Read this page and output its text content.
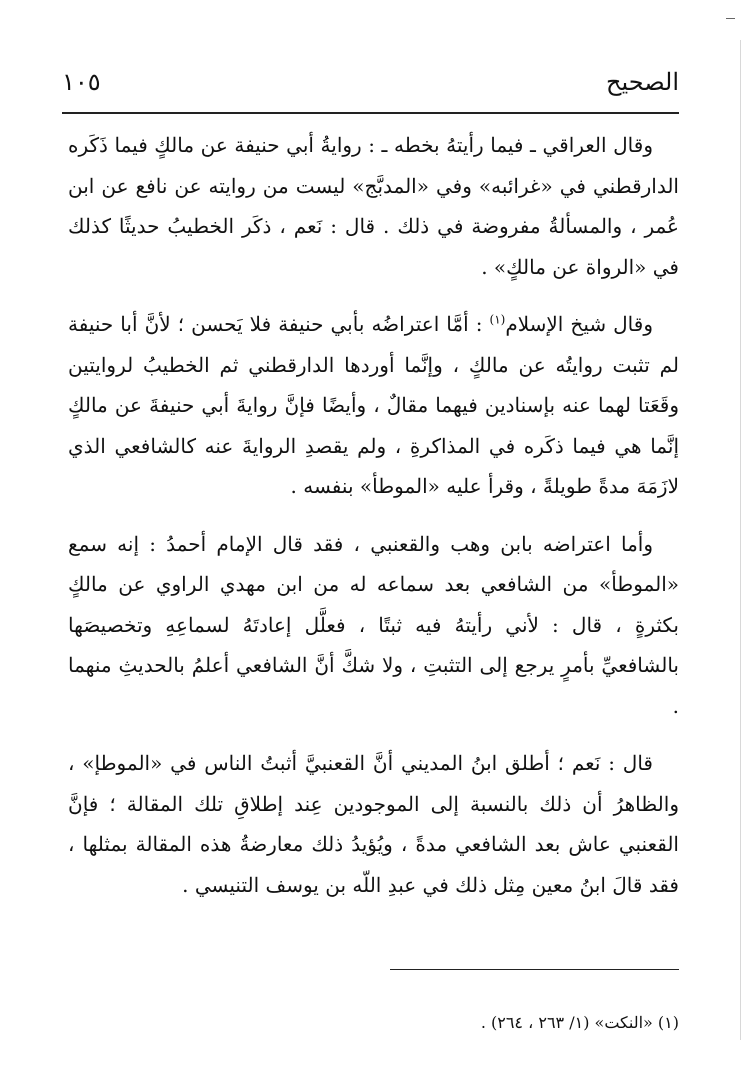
الصحيح
١٠٥

وقال العراقي ـ فيما رأيتهُ بخطه ـ : روايةُ أبي حنيفة عن مالكٍ فيما ذَكَره الدارقطني في «غرائبه» وفي «المدبَّج» ليست من روايته عن نافع عن ابن عُمر ، والمسألةُ مفروضة في ذلك . قال : نَعم ، ذكَر الخطيبُ حديثًا كذلك في «الرواة عن مالكٍ» .

وقال شيخ الإسلام$^{(١)}$ : أمَّا اعتراضُه بأبي حنيفة فلا يَحسن ؛ لأنَّ أبا حنيفة لم تثبت روايتُه عن مالكٍ ، وإنَّما أوردها الدارقطني ثم الخطيبُ لروايتين وقَعَتا لهما عنه بإسنادين فيهما مقالٌ ، وأيضًا فإنَّ روايةَ أبي حنيفةَ عن مالكٍ إنَّما هي فيما ذكَره في المذاكرةِ ، ولم يقصدِ الروايةَ عنه كالشافعي الذي لازَمَهَ مدةً طويلةً ، وقرأ عليه «الموطأ» بنفسه .

وأما اعتراضه بابن وهب والقعنبي ، فقد قال الإمام أحمدُ : إنه سمع «الموطأ» من الشافعي بعد سماعه له من ابن مهدي الراوي عن مالكٍ بكثرةٍ ، قال : لأني رأيتهُ فيه ثبتًا ، فعلَّل إعادتَهُ لسماعِهِ وتخصيصَها بالشافعيِّ بأمرٍ يرجع إلى التثبتِ ، ولا شكَّ أنَّ الشافعي أعلمُ بالحديثِ منهما .

قال : نَعم ؛ أطلق ابنُ المديني أنَّ القعنبيَّ أثبتُ الناس في «الموطإ» ، والظاهرُ أن ذلك بالنسبة إلى الموجودين عِند إطلاقِ تلك المقالة ؛ فإنَّ القعنبي عاش بعد الشافعي مدةً ، ويُؤيدُ ذلك معارضةُ هذه المقالة بمثلها ، فقد قالَ ابنُ معين مِثل ذلك في عبدِ اللّه بن يوسف التنيسي .

(١) «النكت» (١/ ٢٦٣ ، ٢٦٤) .
